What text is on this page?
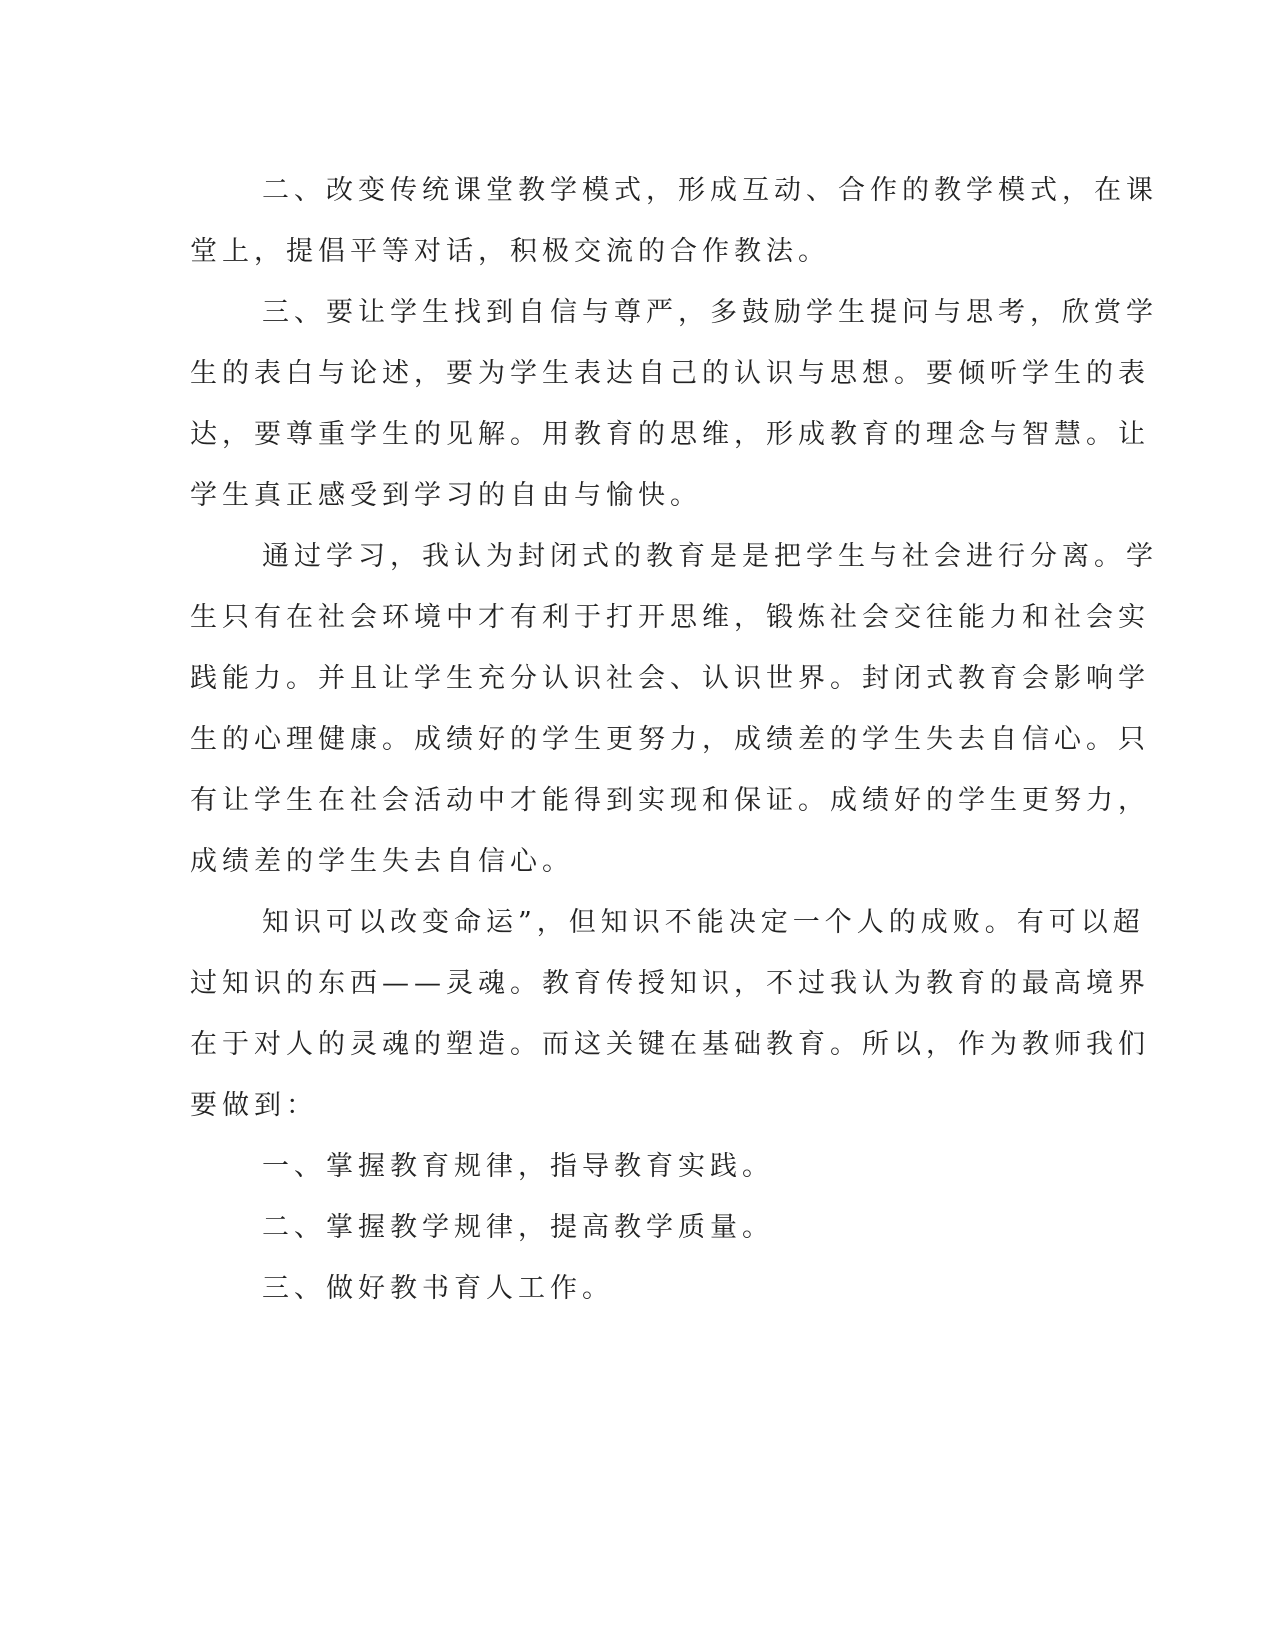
二、改变传统课堂教学模式，形成互动、合作的教学模式，在课
堂上，提倡平等对话，积极交流的合作教法。
三、要让学生找到自信与尊严，多鼓励学生提问与思考，欣赏学
生的表白与论述，要为学生表达自己的认识与思想。要倾听学生的表
达，要尊重学生的见解。用教育的思维，形成教育的理念与智慧。让
学生真正感受到学习的自由与愉快。
通过学习，我认为封闭式的教育是是把学生与社会进行分离。学
生只有在社会环境中才有利于打开思维，锻炼社会交往能力和社会实
践能力。并且让学生充分认识社会、认识世界。封闭式教育会影响学
生的心理健康。成绩好的学生更努力，成绩差的学生失去自信心。只
有让学生在社会活动中才能得到实现和保证。成绩好的学生更努力，
成绩差的学生失去自信心。
知识可以改变命运”，但知识不能决定一个人的成败。有可以超
过知识的东西——灵魂。教育传授知识，不过我认为教育的最高境界
在于对人的灵魂的塑造。而这关键在基础教育。所以，作为教师我们
要做到：
一、掌握教育规律，指导教育实践。
二、掌握教学规律，提高教学质量。
三、做好教书育人工作。
